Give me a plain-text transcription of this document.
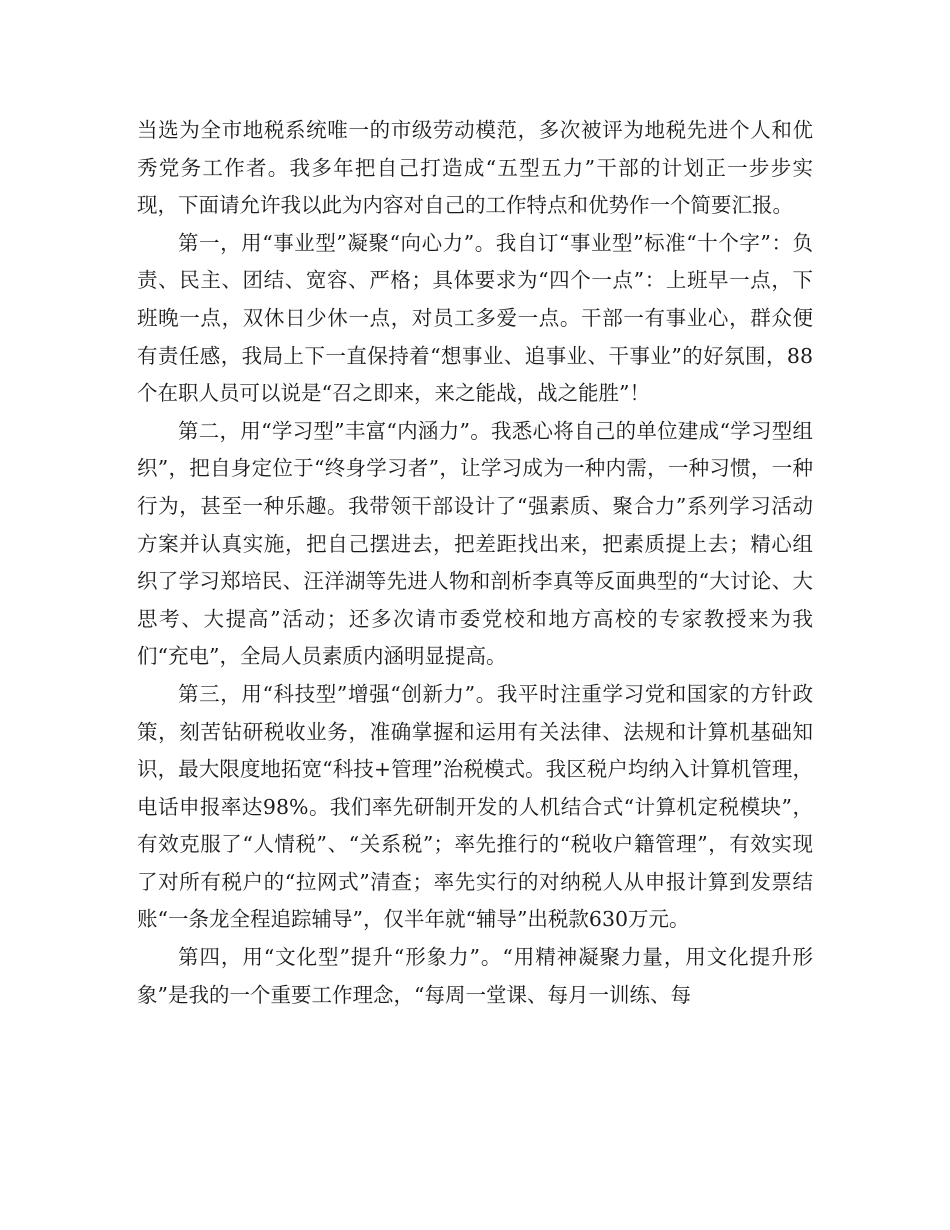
当选为全市地税系统唯一的市级劳动模范，多次被评为地税先进个人和优秀党务工作者。我多年把自己打造成“五型五力”干部的计划正一步步实现，下面请允许我以此为内容对自己的工作特点和优势作一个简要汇报。

第一，用“事业型”凝聚“向心力”。我自订“事业型”标准“十个字”：负责、民主、团结、宽容、严格；具体要求为“四个一点”：上班早一点，下班晚一点，双休日少休一点，对员工多爱一点。干部一有事业心，群众便有责任感，我局上下一直保持着“想事业、追事业、干事业”的好氛围，88个在职人员可以说是“召之即来，来之能战，战之能胜”！

第二，用“学习型”丰富“内涵力”。我悉心将自己的单位建成“学习型组织”，把自身定位于“终身学习者”，让学习成为一种内需，一种习惯，一种行为，甚至一种乐趣。我带领干部设计了“强素质、聚合力”系列学习活动方案并认真实施，把自己摆进去，把差距找出来，把素质提上去；精心组织了学习郑培民、汪洋湖等先进人物和剖析李真等反面典型的“大讨论、大思考、大提高”活动；还多次请市委党校和地方高校的专家教授来为我们“充电”，全局人员素质内涵明显提高。

第三，用“科技型”增强“创新力”。我平时注重学习党和国家的方针政策，刻苦钻研税收业务，准确掌握和运用有关法律、法规和计算机基础知识，最大限度地拓宽“科技+管理”治税模式。我区税户均纳入计算机管理，电话申报率达98%。我们率先研制开发的人机结合式“计算机定税模块”，有效克服了“人情税”、“关系税”；率先推行的“税收户籍管理”，有效实现了对所有税户的“拉网式”清查；率先实行的对纳税人从申报计算到发票结账“一条龙全程追踪辅导”，仅半年就“辅导”出税款630万元。

第四，用“文化型”提升“形象力”。“用精神凝聚力量，用文化提升形象”是我的一个重要工作理念，“每周一堂课、每月一训练、每
